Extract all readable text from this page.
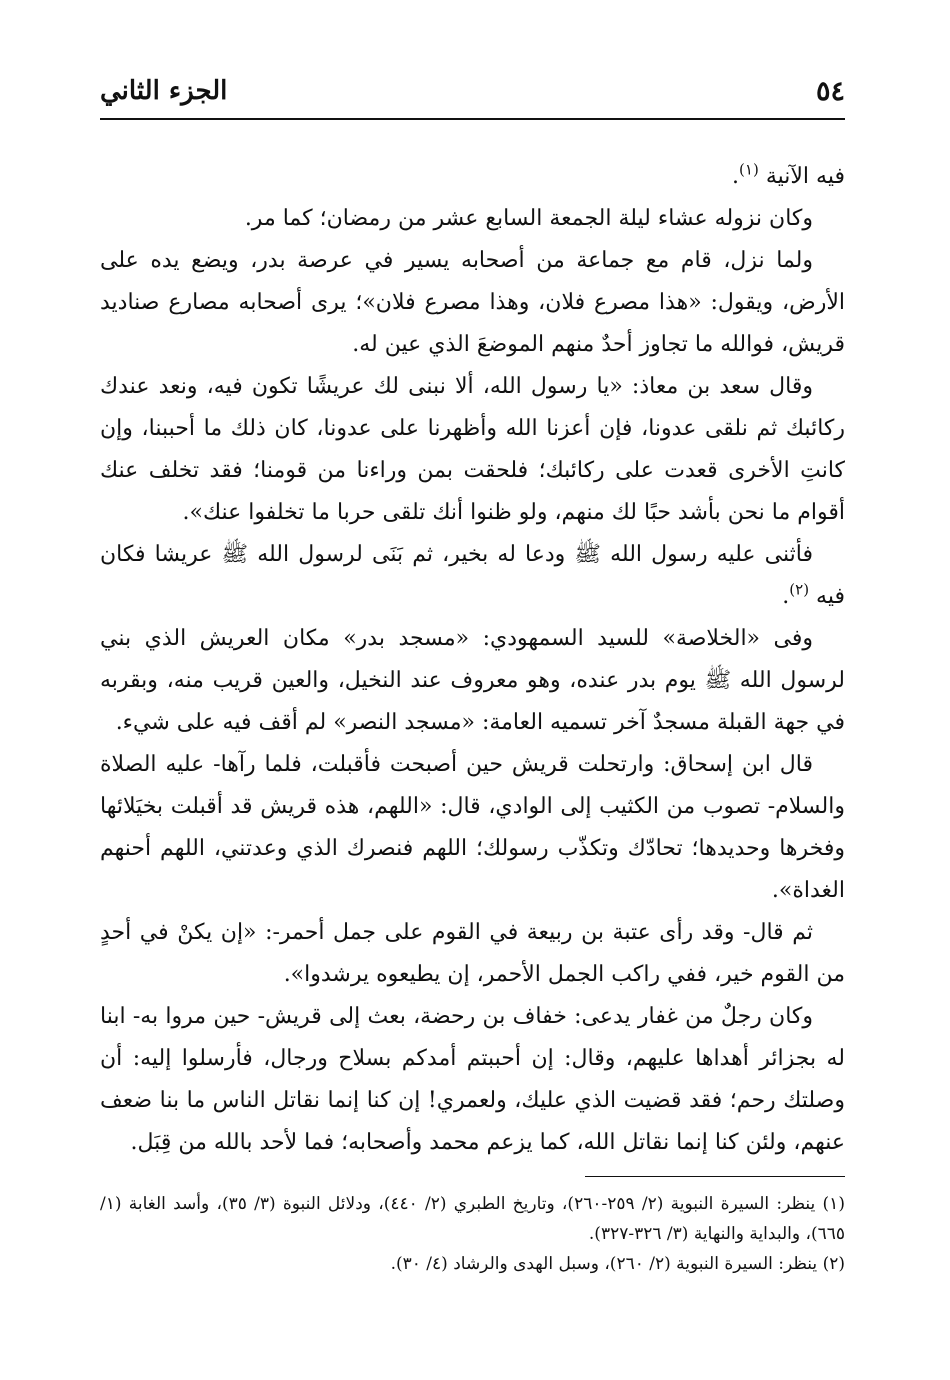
٥٤
الجزء الثاني

فيه الآنية $^{(١)}$.

وكان نزوله عشاء ليلة الجمعة السابع عشر من رمضان؛ كما مر.

ولما نزل، قام مع جماعة من أصحابه يسير في عرصة بدر، ويضع يده على الأرض، ويقول: «هذا مصرع فلان، وهذا مصرع فلان»؛ يرى أصحابه مصارع صناديد قريش، فوالله ما تجاوز أحدٌ منهم الموضعَ الذي عين له.

وقال سعد بن معاذ: «يا رسول الله، ألا نبنى لك عريشًا تكون فيه، ونعد عندك ركائبك ثم نلقى عدونا، فإن أعزنا الله وأظهرنا على عدونا، كان ذلك ما أحببنا، وإن كانتِ الأخرى قعدت على ركائبك؛ فلحقت بمن وراءنا من قومنا؛ فقد تخلف عنك أقوام ما نحن بأشد حبًا لك منهم، ولو ظنوا أنك تلقى حربا ما تخلفوا عنك».

فأثنى عليه رسول الله ﷺ ودعا له بخير، ثم بَنَى لرسول الله ﷺ عريشا فكان فيه $^{(٢)}$.

وفى «الخلاصة» للسيد السمهودي: «مسجد بدر» مكان العريش الذي بني لرسول الله ﷺ يوم بدر عنده، وهو معروف عند النخيل، والعين قريب منه، وبقربه في جهة القبلة مسجدٌ آخر تسميه العامة: «مسجد النصر» لم أقف فيه على شيء.

قال ابن إسحاق: وارتحلت قريش حين أصبحت فأقبلت، فلما رآها- عليه الصلاة والسلام- تصوب من الكثيب إلى الوادي، قال: «اللهم، هذه قريش قد أقبلت بخيَلائها وفخرها وحديدها؛ تحادّك وتكذّب رسولك؛ اللهم فنصرك الذي وعدتني، اللهم أحنهم الغداة».

ثم قال- وقد رأى عتبة بن ربيعة في القوم على جمل أحمر-: «إن يكنْ في أحدٍ من القوم خير، ففي راكب الجمل الأحمر، إن يطيعوه يرشدوا».

وكان رجلٌ من غفار يدعى: خفاف بن رحضة، بعث إلى قريش- حين مروا به- ابنا له بجزائر أهداها عليهم، وقال: إن أحببتم أمدكم بسلاح ورجال، فأرسلوا إليه: أن وصلتك رحم؛ فقد قضيت الذي عليك، ولعمري! إن كنا إنما نقاتل الناس ما بنا ضعف عنهم، ولئن كنا إنما نقاتل الله، كما يزعم محمد وأصحابه؛ فما لأحد بالله من قِبَل.

(١) ينظر: السيرة النبوية (٢/ ٢٥٩-٢٦٠)، وتاريخ الطبري (٢/ ٤٤٠)، ودلائل النبوة (٣/ ٣٥)، وأسد الغابة (١/ ٦٦٥)، والبداية والنهاية (٣/ ٣٢٦-٣٢٧).

(٢) ينظر: السيرة النبوية (٢/ ٢٦٠)، وسبل الهدى والرشاد (٤/ ٣٠).
